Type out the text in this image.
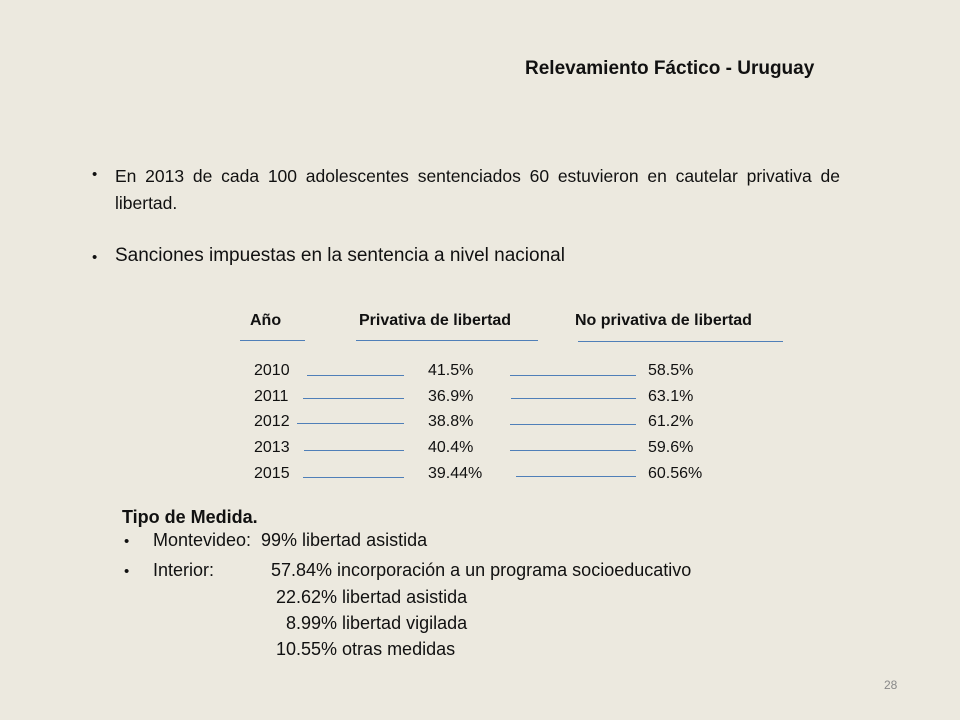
Relevamiento Fáctico - Uruguay
• En 2013 de cada 100 adolescentes sentenciados 60 estuvieron en cautelar privativa de libertad.
• Sanciones impuestas en la sentencia a nivel nacional
Año	Privativa de libertad	No privativa de libertad
2010	41.5%	58.5%
2011	36.9%	63.1%
2012	38.8%	61.2%
2013	40.4%	59.6%
2015	39.44%	60.56%
Tipo de Medida.
• Montevideo: 99% libertad asistida
• Interior:	57.84% incorporación a un programa socioeducativo
22.62% libertad asistida
8.99% libertad vigilada
10.55% otras medidas
28
